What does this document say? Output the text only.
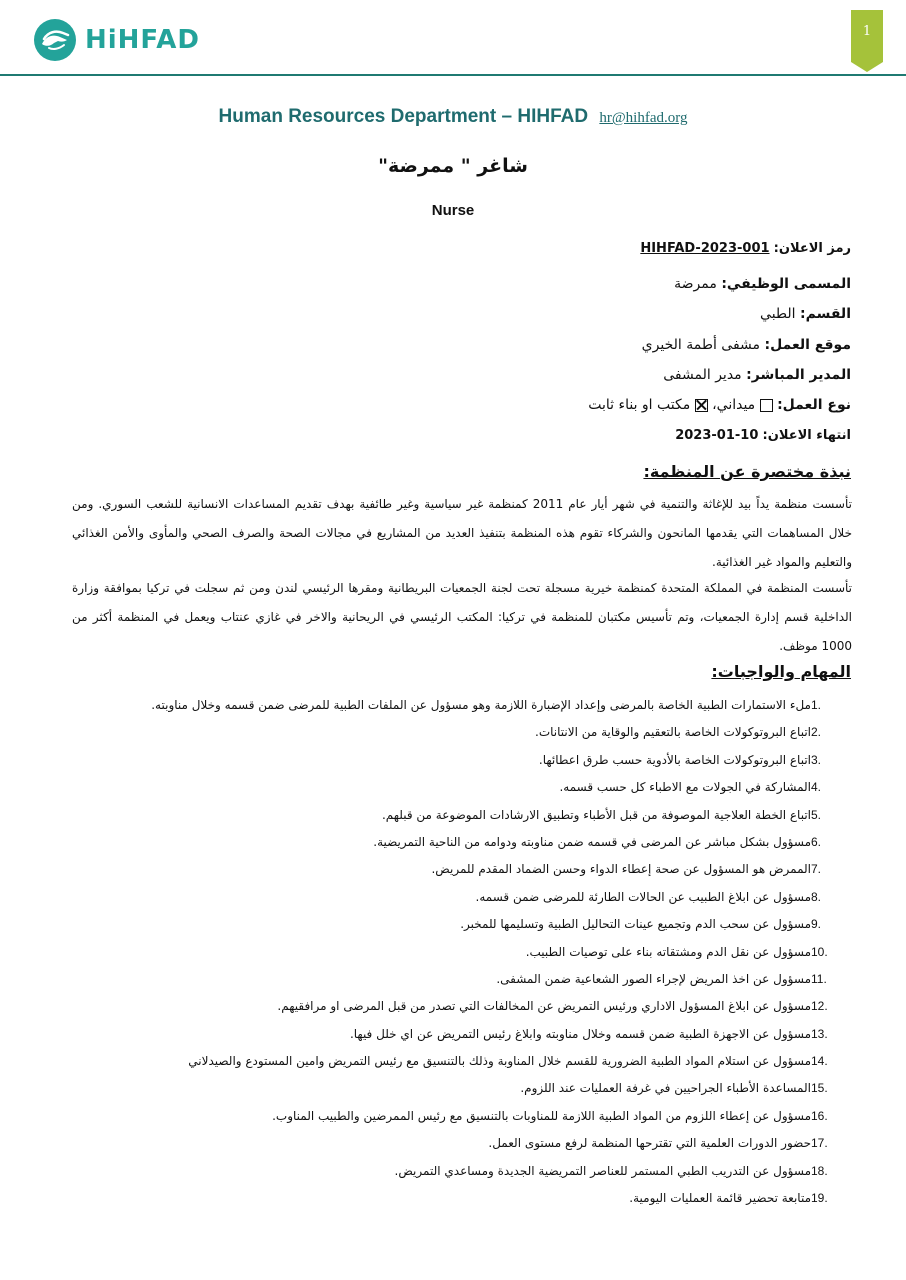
HiHFAD	1
Human Resources Department – HIHFAD hr@hihfad.org
شاغر " ممرضة"
Nurse
رمز الاعلان: HIHFAD-2023-001
المسمى الوظيفي: ممرضة
القسم: الطبي
موقع العمل: مشفى أطمة الخيري
المدير المباشر: مدير المشفى
نوع العمل:  ميداني،  مكتب او بناء ثابت
انتهاء الاعلان: 10-01-2023
نبذة مختصرة عن المنظمة:
تأسست منظمة يداً بيد للإغاثة والتنمية في شهر أيار عام 2011 كمنظمة غير سياسية وغير طائفية بهدف تقديم المساعدات الانسانية للشعب السوري. ومن خلال المساهمات التي يقدمها المانحون والشركاء تقوم هذه المنظمة بتنفيذ العديد من المشاريع في مجالات الصحة والصرف الصحي والمأوى والأمن الغذائي والتعليم والمواد غير الغذائية.
تأسست المنظمة في المملكة المتحدة كمنظمة خيرية مسجلة تحت لجنة الجمعيات البريطانية ومقرها الرئيسي لندن ومن ثم سجلت في تركيا بموافقة وزارة الداخلية قسم إدارة الجمعيات، وتم تأسيس مكتبان للمنظمة في تركيا: المكتب الرئيسي في الريحانية والاخر في غازي عنتاب ويعمل في المنظمة أكثر من 1000 موظف.
المهام والواجبات:
1.
ملء الاستمارات الطبية الخاصة بالمرضى وإعداد الإضبارة اللازمة وهو مسؤول عن الملفات الطبية للمرضى ضمن قسمه وخلال مناوبته.
2.
اتباع البروتوكولات الخاصة بالتعقيم والوقاية من الانتانات.
3.
اتباع البروتوكولات الخاصة بالأدوية حسب طرق اعطائها.
4.
المشاركة في الجولات مع الاطباء كل حسب قسمه.
5.
اتباع الخطة العلاجية الموصوفة من قبل الأطباء وتطبيق الارشادات الموضوعة من قبلهم.
6.
مسؤول بشكل مباشر عن المرضى في قسمه ضمن مناوبته ودوامه من الناحية التمريضية.
7.
الممرض هو المسؤول عن صحة إعطاء الدواء وحسن الضماد المقدم للمريض.
8.
مسؤول عن ابلاغ الطبيب عن الحالات الطارئة للمرضى ضمن قسمه.
9.
مسؤول عن سحب الدم وتجميع عينات التحاليل الطبية وتسليمها للمخبر.
10.
مسؤول عن نقل الدم ومشتقاته بناء على توصيات الطبيب.
11.
مسؤول عن اخذ المريض لإجراء الصور الشعاعية ضمن المشفى.
12.
مسؤول عن ابلاغ المسؤول الاداري ورئيس التمريض عن المخالفات التي تصدر من قبل المرضى او مرافقيهم.
13.
مسؤول عن الاجهزة الطبية ضمن قسمه وخلال مناوبته وابلاغ رئيس التمريض عن اي خلل فيها.
14.
مسؤول عن استلام المواد الطبية الضرورية للقسم خلال المناوبة وذلك بالتنسيق مع رئيس التمريض وامين المستودع والصيدلاني
15.
المساعدة الأطباء الجراحيين في غرفة العمليات عند اللزوم.
16.
مسؤول عن إعطاء اللزوم من المواد الطبية اللازمة للمناوبات بالتنسيق مع رئيس الممرضين والطبيب المناوب.
17.
حضور الدورات العلمية التي تقترحها المنظمة لرفع مستوى العمل.
18.
مسؤول عن التدريب الطبي المستمر للعناصر التمريضية الجديدة ومساعدي التمريض.
19.
متابعة تحضير قائمة العمليات اليومية.
